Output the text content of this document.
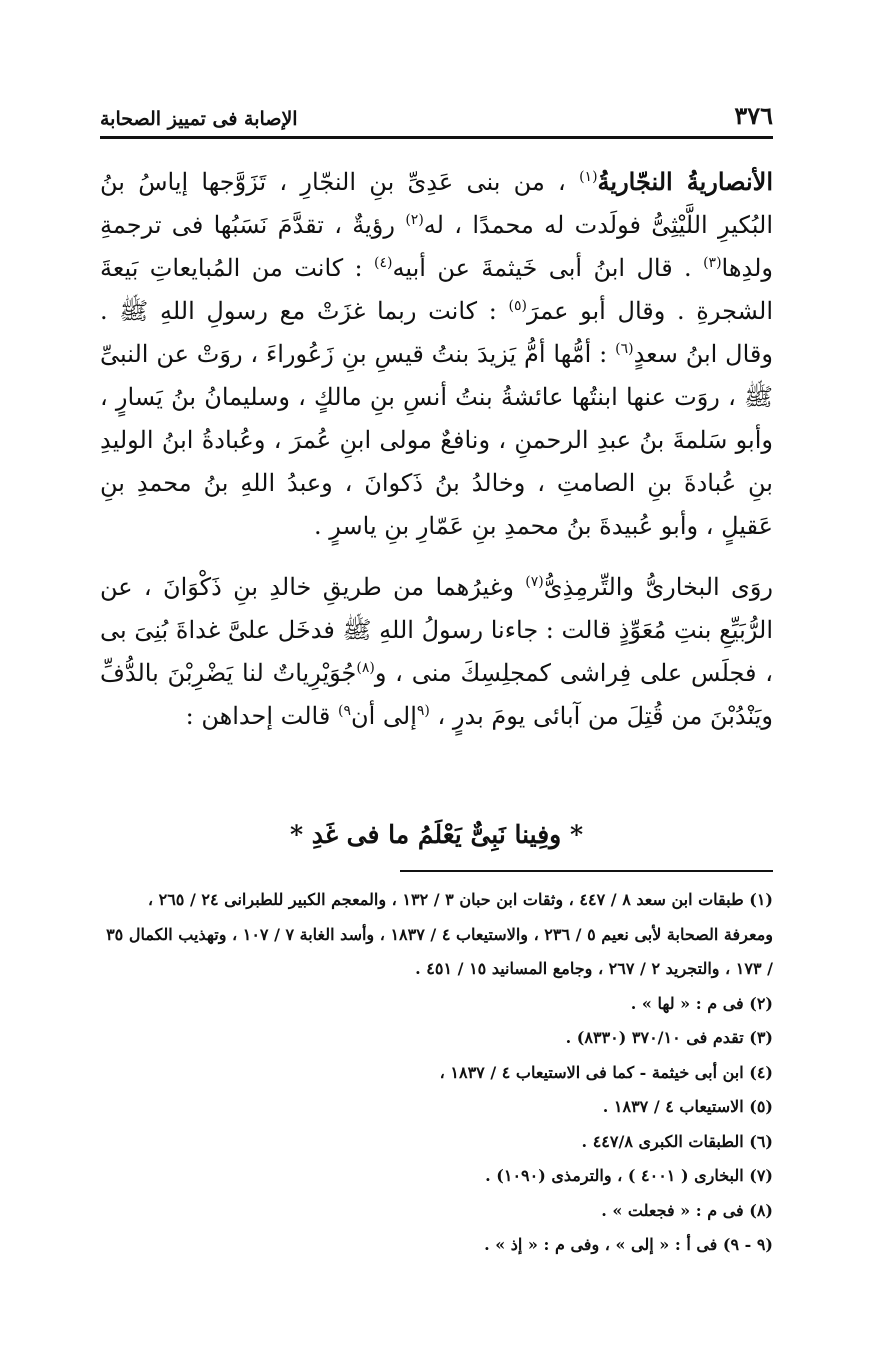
٣٧٦
الإصابة فى تمييز الصحابة

الأنصاريةُ النجّاريةُ$^{(١)}$ ، من بنى عَدِىِّ بنِ النجّارِ ، تَزَوَّجها إياسُ بنُ البُكيرِ اللَّيْثِىُّ فولَدت له محمدًا ، له$^{(٢)}$ رؤيةٌ ، تقدَّمَ نَسَبُها فى ترجمةِ ولدِها$^{(٣)}$ . قال ابنُ أبى خَيثمةَ عن أبيه$^{(٤)}$ : كانت من المُبايعاتِ بَيعةَ الشجرةِ . وقال أبو عمرَ$^{(٥)}$ : كانت ربما غزَتْ مع رسولِ اللهِ ﷺ . وقال ابنُ سعدٍ$^{(٦)}$ : أمُّها أمُّ يَزيدَ بنتُ قيسِ بنِ زَعُوراءَ ، روَتْ عن النبىِّ ﷺ ، روَت عنها ابنتُها عائشةُ بنتُ أنسِ بنِ مالكٍ ، وسليمانُ بنُ يَسارٍ ، وأبو سَلمةَ بنُ عبدِ الرحمنِ ، ونافعٌ مولى ابنِ عُمرَ ، وعُبادةُ ابنُ الوليدِ بنِ عُبادةَ بنِ الصامتِ ، وخالدُ بنُ ذَكوانَ ، وعبدُ اللهِ بنُ محمدِ بنِ عَقيلٍ ، وأبو عُبيدةَ بنُ محمدِ بنِ عَمّارِ بنِ ياسرٍ .

روَى البخارىُّ والتِّرمِذِىُّ$^{(٧)}$ وغيرُهما من طريقِ خالدِ بنِ ذَكْوَانَ ، عن الرُّبَيِّعِ بنتِ مُعَوِّذٍ قالت : جاءنا رسولُ اللهِ ﷺ فدخَل علىَّ غداةَ بُنِىَ بى ، فجلَس على فِراشى كمجلِسِكَ منى ، و$^{(٨)}$جُوَيْرِياتٌ لنا يَضْرِبْنَ بالدُّفِّ ويَنْدُبْنَ من قُتِلَ من آبائى يومَ بدرٍ ، $^{(٩}$إلى أن$^{٩)}$ قالت إحداهن :

* وفِينا نَبِىٌّ يَعْلَمُ ما فى غَدِ *

(١) طبقات ابن سعد ٨ / ٤٤٧ ، وثقات ابن حبان ٣ / ١٣٢ ، والمعجم الكبير للطبرانى ٢٤ / ٢٦٥ ، ومعرفة الصحابة لأبى نعيم ٥ / ٢٣٦ ، والاستيعاب ٤ / ١٨٣٧ ، وأسد الغابة ٧ / ١٠٧ ، وتهذيب الكمال ٣٥ / ١٧٣ ، والتجريد ٢ / ٢٦٧ ، وجامع المسانيد ١٥ / ٤٥١ .

(٢) فى م : « لها » .

(٣) تقدم فى ٣٧٠/١٠ (٨٣٣٠) .

(٤) ابن أبى خيثمة - كما فى الاستيعاب ٤ / ١٨٣٧ ،

(٥) الاستيعاب ٤ / ١٨٣٧ .

(٦) الطبقات الكبرى ٤٤٧/٨ .

(٧) البخارى ( ٤٠٠١ ) ، والترمذى (١٠٩٠) .

(٨) فى م : « فجعلت » .

(٩ - ٩) فى أ : « إلى » ، وفى م : « إذ » .
